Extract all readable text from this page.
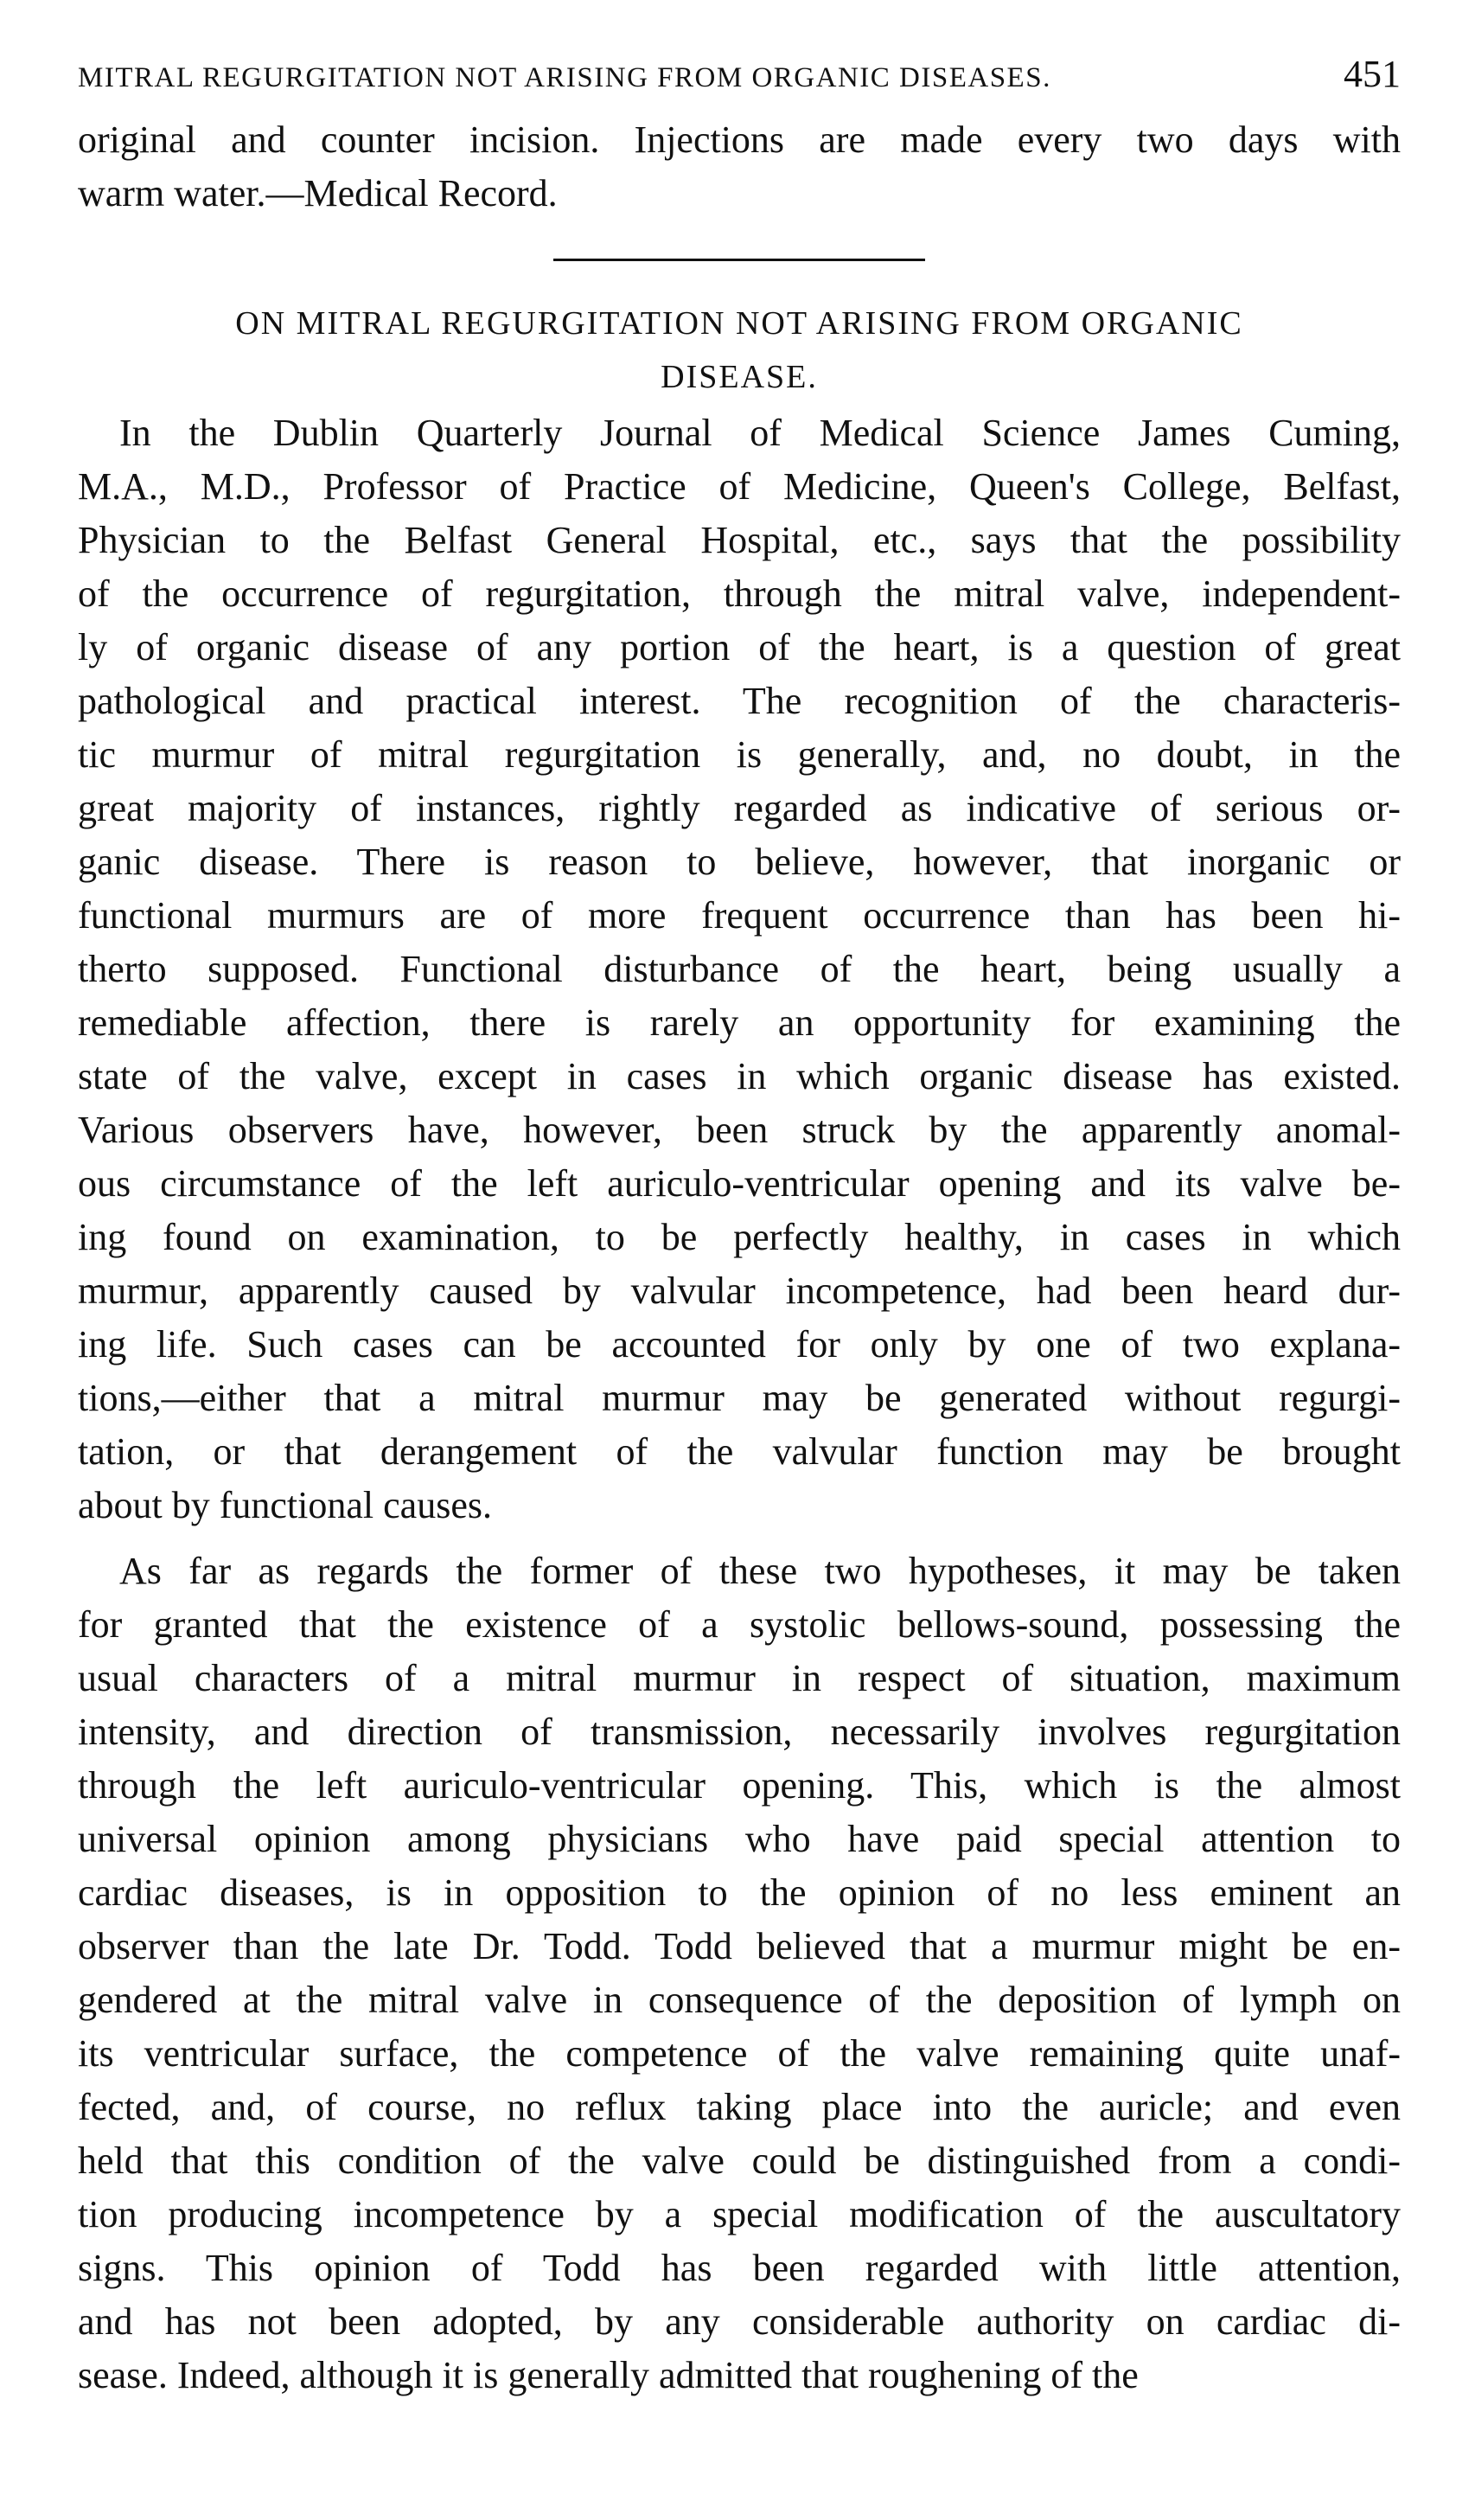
MITRAL REGURGITATION NOT ARISING FROM ORGANIC DISEASES.	451
original and counter incision. Injections are made every two days with
warm water.—Medical Record.
ON MITRAL REGURGITATION NOT ARISING FROM ORGANIC
DISEASE.
In the Dublin Quarterly Journal of Medical Science James Cuming,
M.A., M.D., Professor of Practice of Medicine, Queen's College, Belfast,
Physician to the Belfast General Hospital, etc., says that the possibility
of the occurrence of regurgitation, through the mitral valve, independent-
ly of organic disease of any portion of the heart, is a question of great
pathological and practical interest. The recognition of the characteris-
tic murmur of mitral regurgitation is generally, and, no doubt, in the
great majority of instances, rightly regarded as indicative of serious or-
ganic disease. There is reason to believe, however, that inorganic or
functional murmurs are of more frequent occurrence than has been hi-
therto supposed. Functional disturbance of the heart, being usually a
remediable affection, there is rarely an opportunity for examining the
state of the valve, except in cases in which organic disease has existed.
Various observers have, however, been struck by the apparently anomal-
ous circumstance of the left auriculo-ventricular opening and its valve be-
ing found on examination, to be perfectly healthy, in cases in which
murmur, apparently caused by valvular incompetence, had been heard dur-
ing life. Such cases can be accounted for only by one of two explana-
tions,—either that a mitral murmur may be generated without regurgi-
tation, or that derangement of the valvular function may be brought
about by functional causes.
As far as regards the former of these two hypotheses, it may be taken
for granted that the existence of a systolic bellows-sound, possessing the
usual characters of a mitral murmur in respect of situation, maximum
intensity, and direction of transmission, necessarily involves regurgitation
through the left auriculo-ventricular opening. This, which is the almost
universal opinion among physicians who have paid special attention to
cardiac diseases, is in opposition to the opinion of no less eminent an
observer than the late Dr. Todd. Todd believed that a murmur might be en-
gendered at the mitral valve in consequence of the deposition of lymph on
its ventricular surface, the competence of the valve remaining quite unaf-
fected, and, of course, no reflux taking place into the auricle; and even
held that this condition of the valve could be distinguished from a condi-
tion producing incompetence by a special modification of the auscultatory
signs. This opinion of Todd has been regarded with little attention,
and has not been adopted, by any considerable authority on cardiac di-
sease. Indeed, although it is generally admitted that roughening of the
